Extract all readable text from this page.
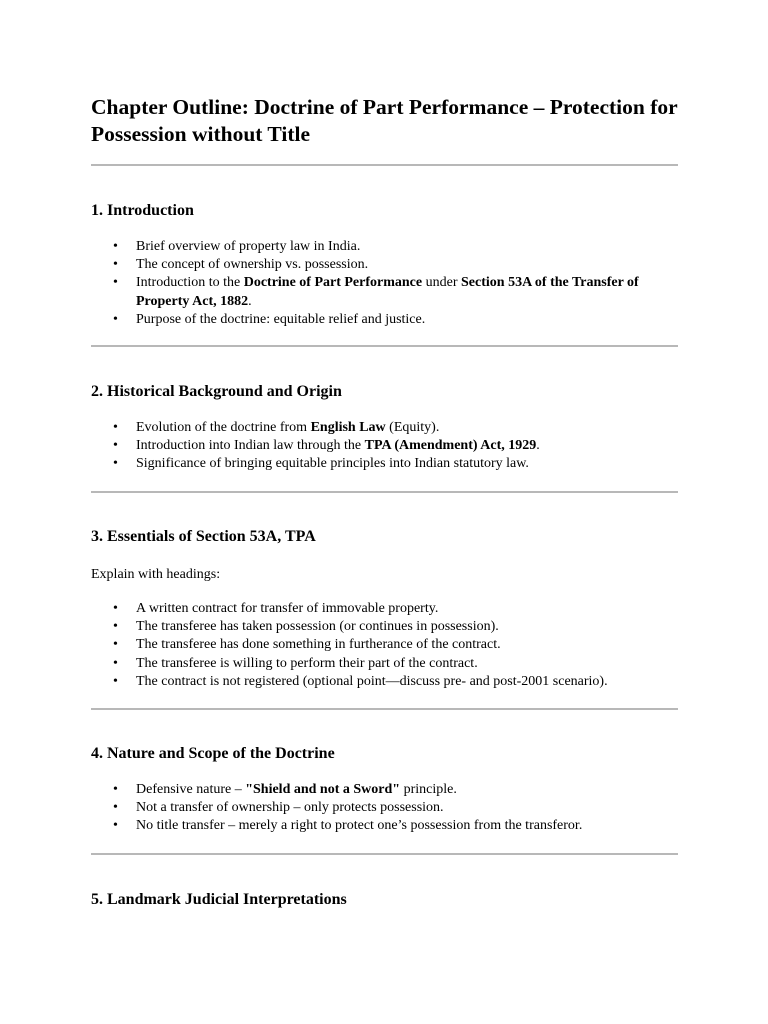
Chapter Outline: Doctrine of Part Performance – Protection for Possession without Title
1. Introduction
• Brief overview of property law in India.
• The concept of ownership vs. possession.
• Introduction to the Doctrine of Part Performance under Section 53A of the Transfer of Property Act, 1882.
• Purpose of the doctrine: equitable relief and justice.
2. Historical Background and Origin
• Evolution of the doctrine from English Law (Equity).
• Introduction into Indian law through the TPA (Amendment) Act, 1929.
• Significance of bringing equitable principles into Indian statutory law.
3. Essentials of Section 53A, TPA

Explain with headings:

• A written contract for transfer of immovable property.
• The transferee has taken possession (or continues in possession).
• The transferee has done something in furtherance of the contract.
• The transferee is willing to perform their part of the contract.
• The contract is not registered (optional point—discuss pre- and post-2001 scenario).
4. Nature and Scope of the Doctrine
• Defensive nature – "Shield and not a Sword" principle.
• Not a transfer of ownership – only protects possession.
• No title transfer – merely a right to protect one’s possession from the transferor.
5. Landmark Judicial Interpretations
